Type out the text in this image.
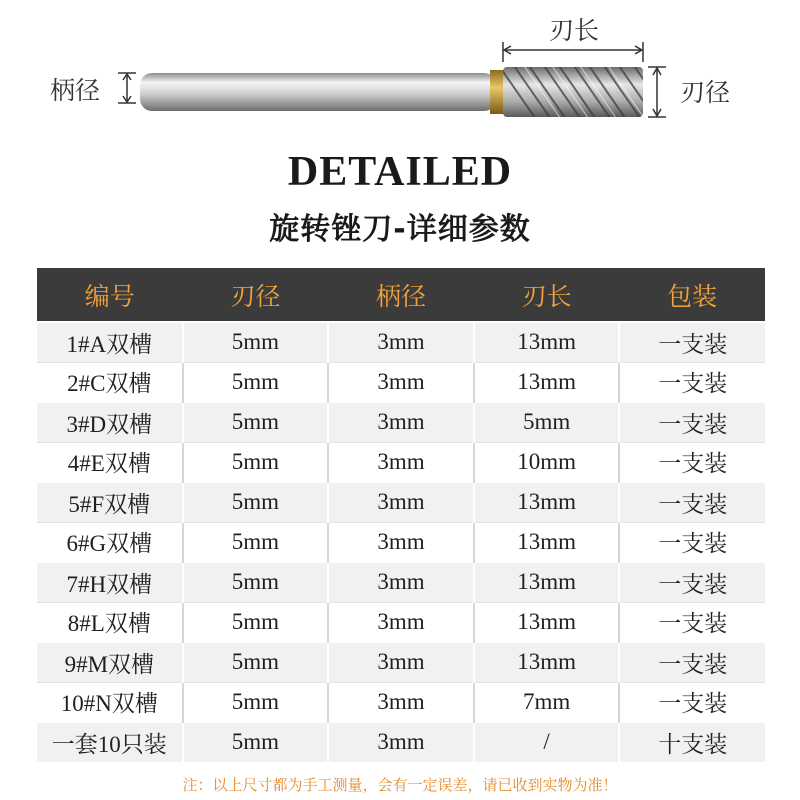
柄径
刃长
刃径
DETAILED
旋转锉刀-详细参数
编号	刃径	柄径	刃长	包装
1#A双槽	5mm	3mm	13mm	一支装
2#C双槽	5mm	3mm	13mm	一支装
3#D双槽	5mm	3mm	5mm	一支装
4#E双槽	5mm	3mm	10mm	一支装
5#F双槽	5mm	3mm	13mm	一支装
6#G双槽	5mm	3mm	13mm	一支装
7#H双槽	5mm	3mm	13mm	一支装
8#L双槽	5mm	3mm	13mm	一支装
9#M双槽	5mm	3mm	13mm	一支装
10#N双槽	5mm	3mm	7mm	一支装
一套10只装	5mm	3mm	/	十支装
注：以上尺寸都为手工测量，会有一定误差，请已收到实物为准！
